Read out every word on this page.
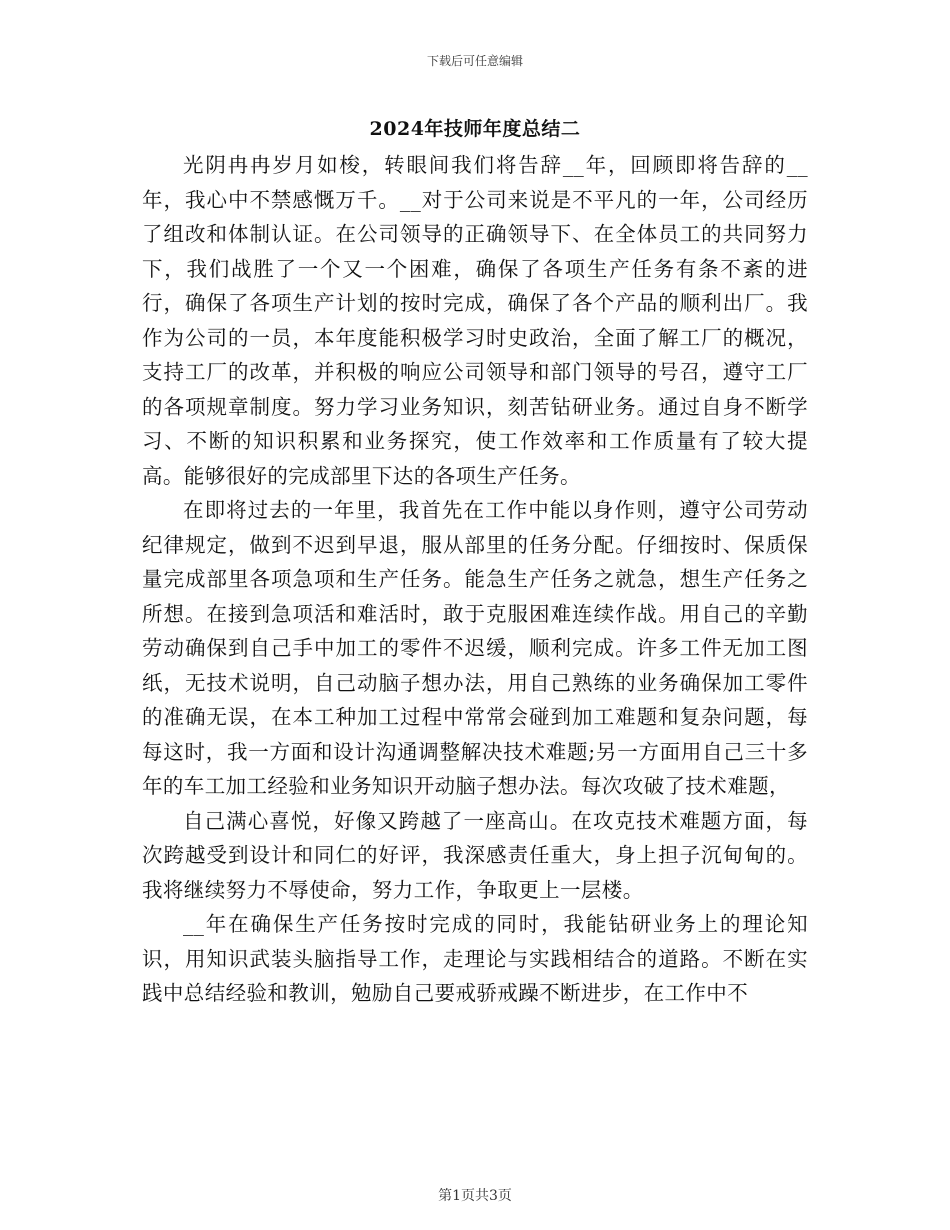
下载后可任意编辑
2024年技师年度总结二

光阴冉冉岁月如梭，转眼间我们将告辞__年，回顾即将告辞的__年，我心中不禁感慨万千。__对于公司来说是不平凡的一年，公司经历了组改和体制认证。在公司领导的正确领导下、在全体员工的共同努力下，我们战胜了一个又一个困难，确保了各项生产任务有条不紊的进行，确保了各项生产计划的按时完成，确保了各个产品的顺利出厂。我作为公司的一员，本年度能积极学习时史政治，全面了解工厂的概况，支持工厂的改革，并积极的响应公司领导和部门领导的号召，遵守工厂的各项规章制度。努力学习业务知识，刻苦钻研业务。通过自身不断学习、不断的知识积累和业务探究，使工作效率和工作质量有了较大提高。能够很好的完成部里下达的各项生产任务。

在即将过去的一年里，我首先在工作中能以身作则，遵守公司劳动纪律规定，做到不迟到早退，服从部里的任务分配。仔细按时、保质保量完成部里各项急项和生产任务。能急生产任务之就急，想生产任务之所想。在接到急项活和难活时，敢于克服困难连续作战。用自己的辛勤劳动确保到自己手中加工的零件不迟缓，顺利完成。许多工件无加工图纸，无技术说明，自己动脑子想办法，用自己熟练的业务确保加工零件的准确无误，在本工种加工过程中常常会碰到加工难题和复杂问题，每每这时，我一方面和设计沟通调整解决技术难题;另一方面用自己三十多年的车工加工经验和业务知识开动脑子想办法。每次攻破了技术难题，

自己满心喜悦，好像又跨越了一座高山。在攻克技术难题方面，每次跨越受到设计和同仁的好评，我深感责任重大，身上担子沉甸甸的。我将继续努力不辱使命，努力工作，争取更上一层楼。

__年在确保生产任务按时完成的同时，我能钻研业务上的理论知识，用知识武装头脑指导工作，走理论与实践相结合的道路。不断在实践中总结经验和教训，勉励自己要戒骄戒躁不断进步，在工作中不

第1页共3页
